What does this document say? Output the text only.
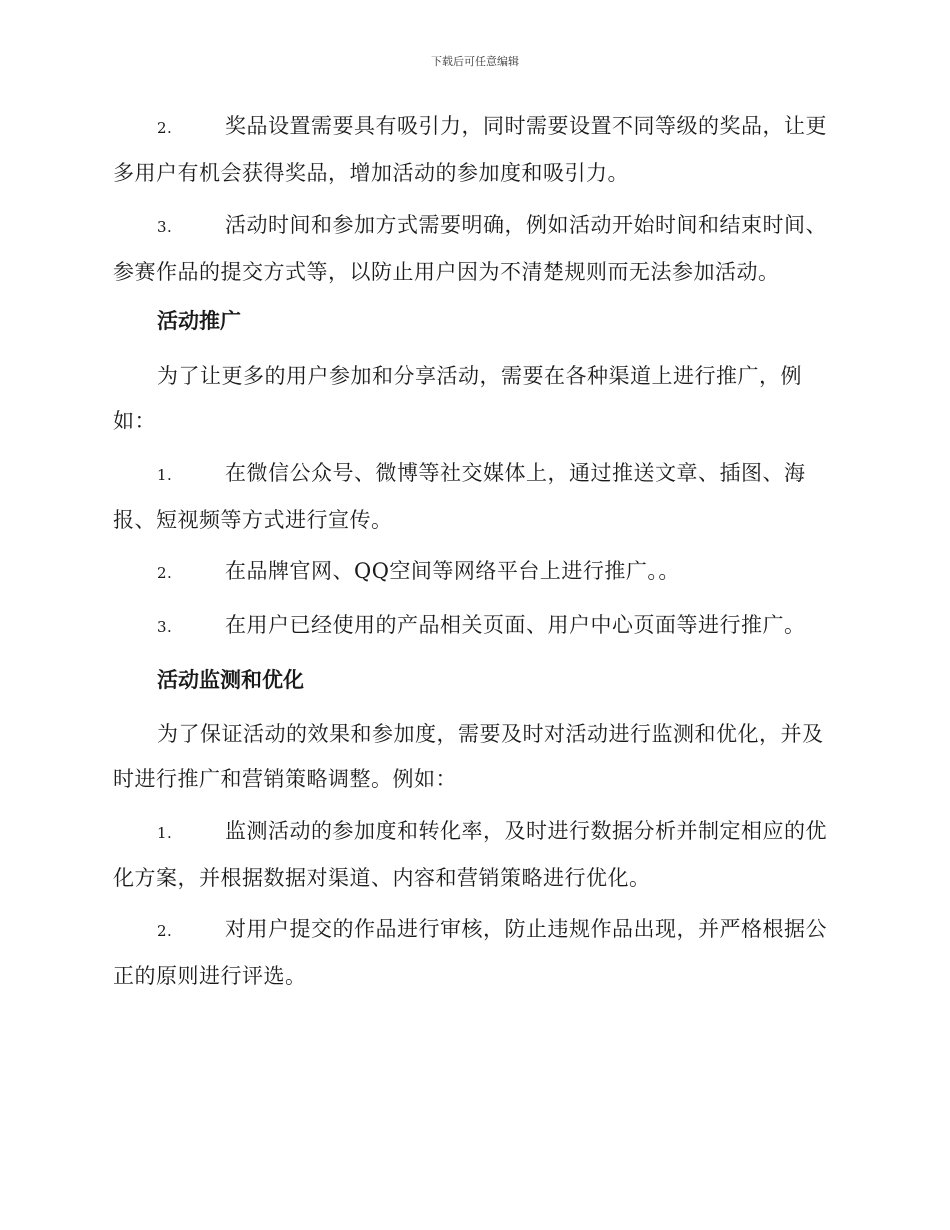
下载后可任意编辑
2.	奖品设置需要具有吸引力，同时需要设置不同等级的奖品，让更多用户有机会获得奖品，增加活动的参加度和吸引力。
3.	活动时间和参加方式需要明确，例如活动开始时间和结束时间、参赛作品的提交方式等，以防止用户因为不清楚规则而无法参加活动。
活动推广
为了让更多的用户参加和分享活动，需要在各种渠道上进行推广，例如：
1.	在微信公众号、微博等社交媒体上，通过推送文章、插图、海报、短视频等方式进行宣传。
2.	在品牌官网、QQ空间等网络平台上进行推广。。
3.	在用户已经使用的产品相关页面、用户中心页面等进行推广。
活动监测和优化
为了保证活动的效果和参加度，需要及时对活动进行监测和优化，并及时进行推广和营销策略调整。例如：
1.	监测活动的参加度和转化率，及时进行数据分析并制定相应的优化方案，并根据数据对渠道、内容和营销策略进行优化。
2.	对用户提交的作品进行审核，防止违规作品出现，并严格根据公正的原则进行评选。
